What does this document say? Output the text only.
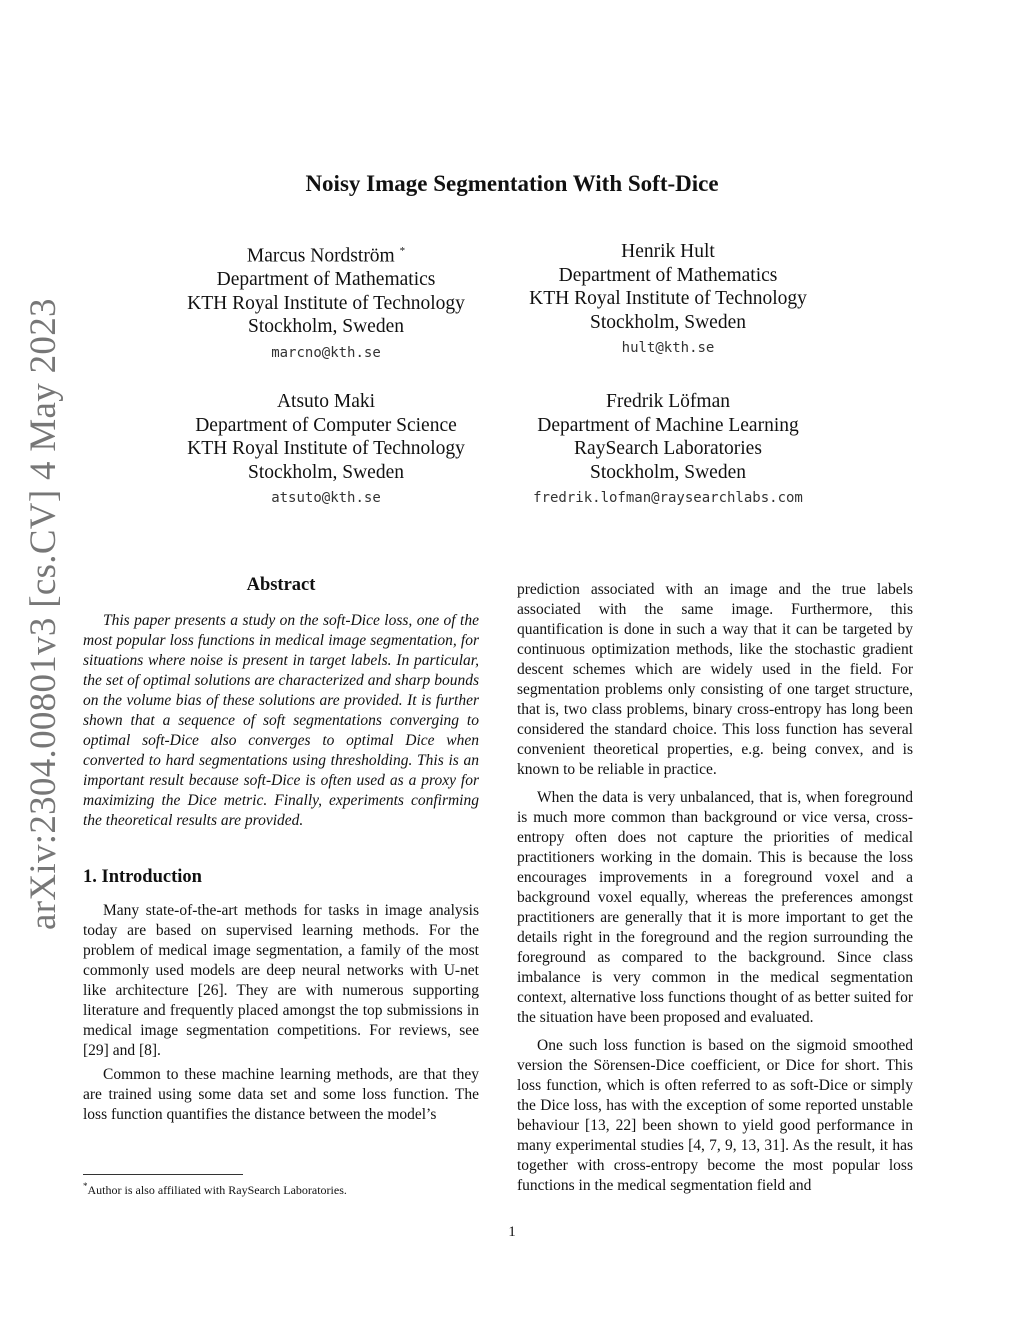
arXiv:2304.00801v3 [cs.CV] 4 May 2023
Noisy Image Segmentation With Soft-Dice
Marcus Nordström *
Department of Mathematics
KTH Royal Institute of Technology
Stockholm, Sweden
marcno@kth.se
Henrik Hult
Department of Mathematics
KTH Royal Institute of Technology
Stockholm, Sweden
hult@kth.se
Atsuto Maki
Department of Computer Science
KTH Royal Institute of Technology
Stockholm, Sweden
atsuto@kth.se
Fredrik Löfman
Department of Machine Learning
RaySearch Laboratories
Stockholm, Sweden
fredrik.lofman@raysearchlabs.com
Abstract

This paper presents a study on the soft-Dice loss, one of the most popular loss functions in medical image segmentation, for situations where noise is present in target labels. In particular, the set of optimal solutions are characterized and sharp bounds on the volume bias of these solutions are provided. It is further shown that a sequence of soft segmentations converging to optimal soft-Dice also converges to optimal Dice when converted to hard segmentations using thresholding. This is an important result because soft-Dice is often used as a proxy for maximizing the Dice metric. Finally, experiments confirming the theoretical results are provided.

1. Introduction

Many state-of-the-art methods for tasks in image analysis today are based on supervised learning methods. For the problem of medical image segmentation, a family of the most commonly used models are deep neural networks with U-net like architecture [26]. They are with numerous supporting literature and frequently placed amongst the top submissions in medical image segmentation competitions. For reviews, see [29] and [8].

Common to these machine learning methods, are that they are trained using some data set and some loss function. The loss function quantifies the distance between the model’s

prediction associated with an image and the true labels associated with the same image. Furthermore, this quantification is done in such a way that it can be targeted by continuous optimization methods, like the stochastic gradient descent schemes which are widely used in the field. For segmentation problems only consisting of one target structure, that is, two class problems, binary cross-entropy has long been considered the standard choice. This loss function has several convenient theoretical properties, e.g. being convex, and is known to be reliable in practice.

When the data is very unbalanced, that is, when foreground is much more common than background or vice versa, cross-entropy often does not capture the priorities of medical practitioners working in the domain. This is because the loss encourages improvements in a foreground voxel and a background voxel equally, whereas the preferences amongst practitioners are generally that it is more important to get the details right in the foreground and the region surrounding the foreground as compared to the background. Since class imbalance is very common in the medical segmentation context, alternative loss functions thought of as better suited for the situation have been proposed and evaluated.

One such loss function is based on the sigmoid smoothed version the Sörensen-Dice coefficient, or Dice for short. This loss function, which is often referred to as soft-Dice or simply the Dice loss, has with the exception of some reported unstable behaviour [13, 22] been shown to yield good performance in many experimental studies [4, 7, 9, 13, 31]. As the result, it has together with cross-entropy become the most popular loss functions in the medical segmentation field and

*Author is also affiliated with RaySearch Laboratories.
1
